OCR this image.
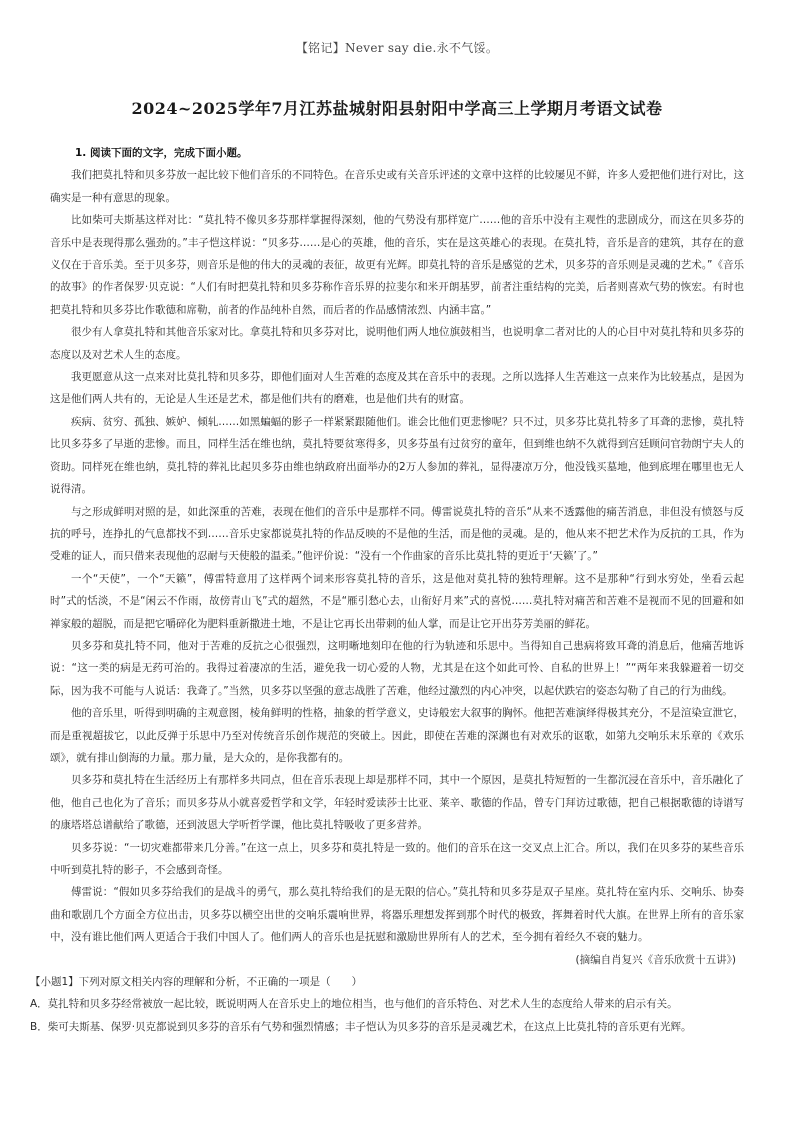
【铭记】Never say die.永不气馁。
2024~2025学年7月江苏盐城射阳县射阳中学高三上学期月考语文试卷
1. 阅读下面的文字，完成下面小题。
我们把莫扎特和贝多芬放一起比较下他们音乐的不同特色。在音乐史或有关音乐评述的文章中这样的比较屡见不鲜，许多人爱把他们进行对比，这确实是一种有意思的现象。
比如柴可夫斯基这样对比：“莫扎特不像贝多芬那样掌握得深刻，他的气势没有那样宽广……他的音乐中没有主观性的悲剧成分，而这在贝多芬的音乐中是表现得那么强劲的。”丰子恺这样说：“贝多芬……是心的英雄，他的音乐，实在是这英雄心的表现。在莫扎特，音乐是音的建筑，其存在的意义仅在于音乐美。至于贝多芬，则音乐是他的伟大的灵魂的表征，故更有光辉。即莫扎特的音乐是感觉的艺术，贝多芬的音乐则是灵魂的艺术。”《音乐的故事》的作者保罗·贝克说：“人们有时把莫扎特和贝多芬称作音乐界的拉斐尔和米开朗基罗，前者注重结构的完美，后者则喜欢气势的恢宏。有时也把莫扎特和贝多芬比作歌德和席勒，前者的作品纯朴自然，而后者的作品感情浓烈、内涵丰富。”
很少有人拿莫扎特和其他音乐家对比。拿莫扎特和贝多芬对比，说明他们两人地位旗鼓相当，也说明拿二者对比的人的心目中对莫扎特和贝多芬的态度以及对艺术人生的态度。
我更愿意从这一点来对比莫扎特和贝多芬，即他们面对人生苦难的态度及其在音乐中的表现。之所以选择人生苦难这一点来作为比较基点，是因为这是他们两人共有的，无论是人生还是艺术，都是他们共有的磨难，也是他们共有的财富。
疾病、贫穷、孤独、嫉妒、倾轧……如黑蝙蝠的影子一样紧紧跟随他们。谁会比他们更悲惨呢？只不过，贝多芬比莫扎特多了耳聋的悲惨，莫扎特比贝多芬多了早逝的悲惨。而且，同样生活在维也纳，莫扎特要贫寒得多，贝多芬虽有过贫穷的童年，但到维也纳不久就得到宫廷顾问官勃朗宁夫人的资助。同样死在维也纳，莫扎特的葬礼比起贝多芬由维也纳政府出面举办的2万人参加的葬礼，显得凄凉万分，他没钱买墓地，他到底埋在哪里也无人说得清。
与之形成鲜明对照的是，如此深重的苦难，表现在他们的音乐中是那样不同。傅雷说莫扎特的音乐“从来不透露他的痛苦消息，非但没有愤怒与反抗的呼号，连挣扎的气息都找不到……音乐史家都说莫扎特的作品反映的不是他的生活，而是他的灵魂。是的，他从来不把艺术作为反抗的工具，作为受难的证人，而只借来表现他的忍耐与天使般的温柔。”他评价说：“没有一个作曲家的音乐比莫扎特的更近于‘天籁’了。”
一个“天使”，一个“天籁”，傅雷特意用了这样两个词来形容莫扎特的音乐，这是他对莫扎特的独特理解。这不是那种“行到水穷处，坐看云起时”式的恬淡，不是“闲云不作雨，故傍青山飞”式的超然，不是“雁引愁心去，山衔好月来”式的喜悦……莫扎特对痛苦和苦难不是视而不见的回避和如禅家般的超脱，而是把它嚼碎化为肥料重新撒进土地，不是让它再长出带刺的仙人掌，而是让它开出芬芳美丽的鲜花。
贝多芬和莫扎特不同，他对于苦难的反抗之心很强烈，这明晰地刻印在他的行为轨迹和乐思中。当得知自己患病将致耳聋的消息后，他痛苦地诉说：“这一类的病是无药可治的。我得过着凄凉的生活，避免我一切心爱的人物，尤其是在这个如此可怜、自私的世界上！”“两年来我躲避着一切交际，因为我不可能与人说话：我聋了。”当然，贝多芬以坚强的意志战胜了苦难，他经过激烈的内心冲突，以起伏跌宕的姿态勾勒了自己的行为曲线。
他的音乐里，听得到明确的主观意图，棱角鲜明的性格，抽象的哲学意义，史诗般宏大叙事的胸怀。他把苦难演绎得极其充分，不是渲染宣泄它，而是重视超拔它，以此反弹于乐思中乃至对传统音乐创作规范的突破上。因此，即使在苦难的深渊也有对欢乐的讴歌，如第九交响乐末乐章的《欢乐颂》，就有排山倒海的力量。那力量，是大众的，是你我都有的。
贝多芬和莫扎特在生活经历上有那样多共同点，但在音乐表现上却是那样不同，其中一个原因，是莫扎特短暂的一生都沉浸在音乐中，音乐融化了他，他自己也化为了音乐；而贝多芬从小就喜爱哲学和文学，年轻时爱读莎士比亚、莱辛、歌德的作品，曾专门拜访过歌德，把自己根据歌德的诗谱写的康塔塔总谱献给了歌德，还到波恩大学听哲学课，他比莫扎特吸收了更多营养。
贝多芬说：“一切灾难都带来几分善。”在这一点上，贝多芬和莫扎特是一致的。他们的音乐在这一交叉点上汇合。所以，我们在贝多芬的某些音乐中听到莫扎特的影子，不会感到奇怪。
傅雷说：“假如贝多芬给我们的是战斗的勇气，那么莫扎特给我们的是无限的信心。”莫扎特和贝多芬是双子星座。莫扎特在室内乐、交响乐、协奏曲和歌剧几个方面全方位出击，贝多芬以横空出世的交响乐震响世界，将器乐理想发挥到那个时代的极致，挥舞着时代大旗。在世界上所有的音乐家中，没有谁比他们两人更适合于我们中国人了。他们两人的音乐也是抚慰和激励世界所有人的艺术，至今拥有着经久不衰的魅力。
(摘编自肖复兴《音乐欣赏十五讲》)
【小题1】下列对原文相关内容的理解和分析，不正确的一项是（　　）
A．莫扎特和贝多芬经常被放一起比较，既说明两人在音乐史上的地位相当，也与他们的音乐特色、对艺术人生的态度给人带来的启示有关。
B．柴可夫斯基、保罗·贝克都说到贝多芬的音乐有气势和强烈情感；丰子恺认为贝多芬的音乐是灵魂艺术，在这点上比莫扎特的音乐更有光辉。
